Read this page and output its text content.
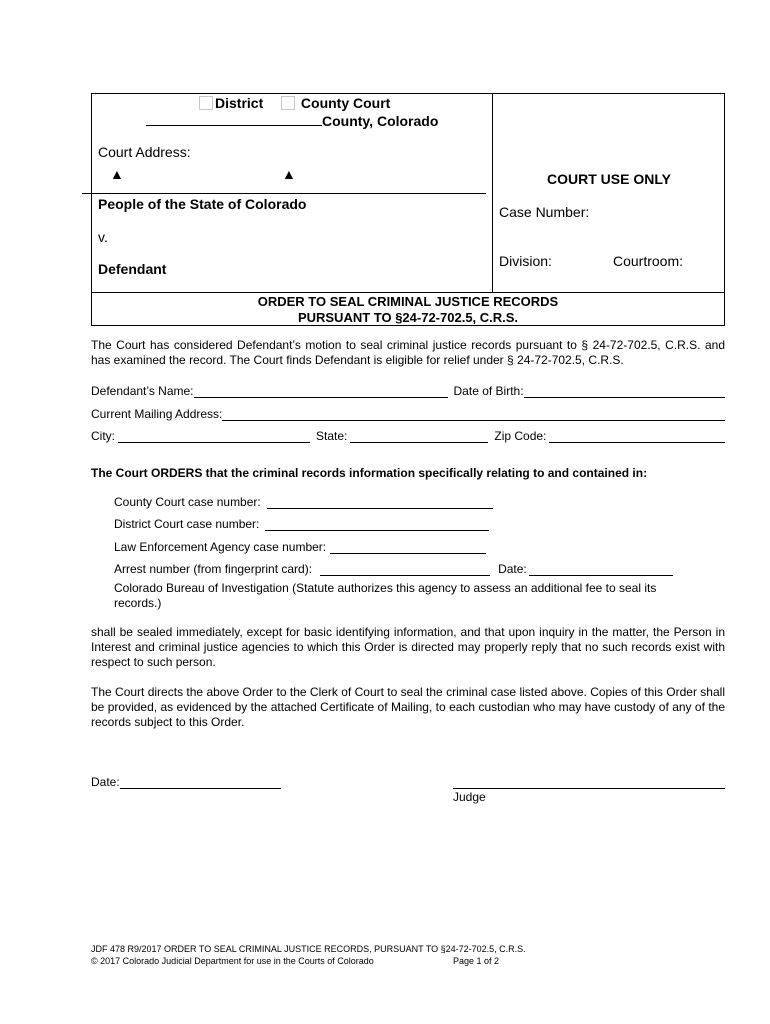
District	County Court
County, Colorado
Court Address:
▲	▲
People of the State of Colorado
v.
Defendant
COURT USE ONLY
Case Number:
Division:	Courtroom:
ORDER TO SEAL CRIMINAL JUSTICE RECORDS
PURSUANT TO §24-72-702.5, C.R.S.
The Court has considered Defendant’s motion to seal criminal justice records pursuant to § 24-72-702.5, C.R.S. and has examined the record. The Court finds Defendant is eligible for relief under § 24-72-702.5, C.R.S.
Defendant’s Name:	Date of Birth:
Current Mailing Address:
City:	State:	Zip Code:
The Court ORDERS that the criminal records information specifically relating to and contained in:
County Court case number:
District Court case number:
Law Enforcement Agency case number:
Arrest number (from fingerprint card):	Date:
Colorado Bureau of Investigation (Statute authorizes this agency to assess an additional fee to seal its records.)
shall be sealed immediately, except for basic identifying information, and that upon inquiry in the matter, the Person in Interest and criminal justice agencies to which this Order is directed may properly reply that no such records exist with respect to such person.
The Court directs the above Order to the Clerk of Court to seal the criminal case listed above. Copies of this Order shall be provided, as evidenced by the attached Certificate of Mailing, to each custodian who may have custody of any of the records subject to this Order.
Date:
Judge
JDF 478 R9/2017 ORDER TO SEAL CRIMINAL JUSTICE RECORDS, PURSUANT TO §24-72-702.5, C.R.S.
© 2017 Colorado Judicial Department for use in the Courts of Colorado	Page 1 of 2
